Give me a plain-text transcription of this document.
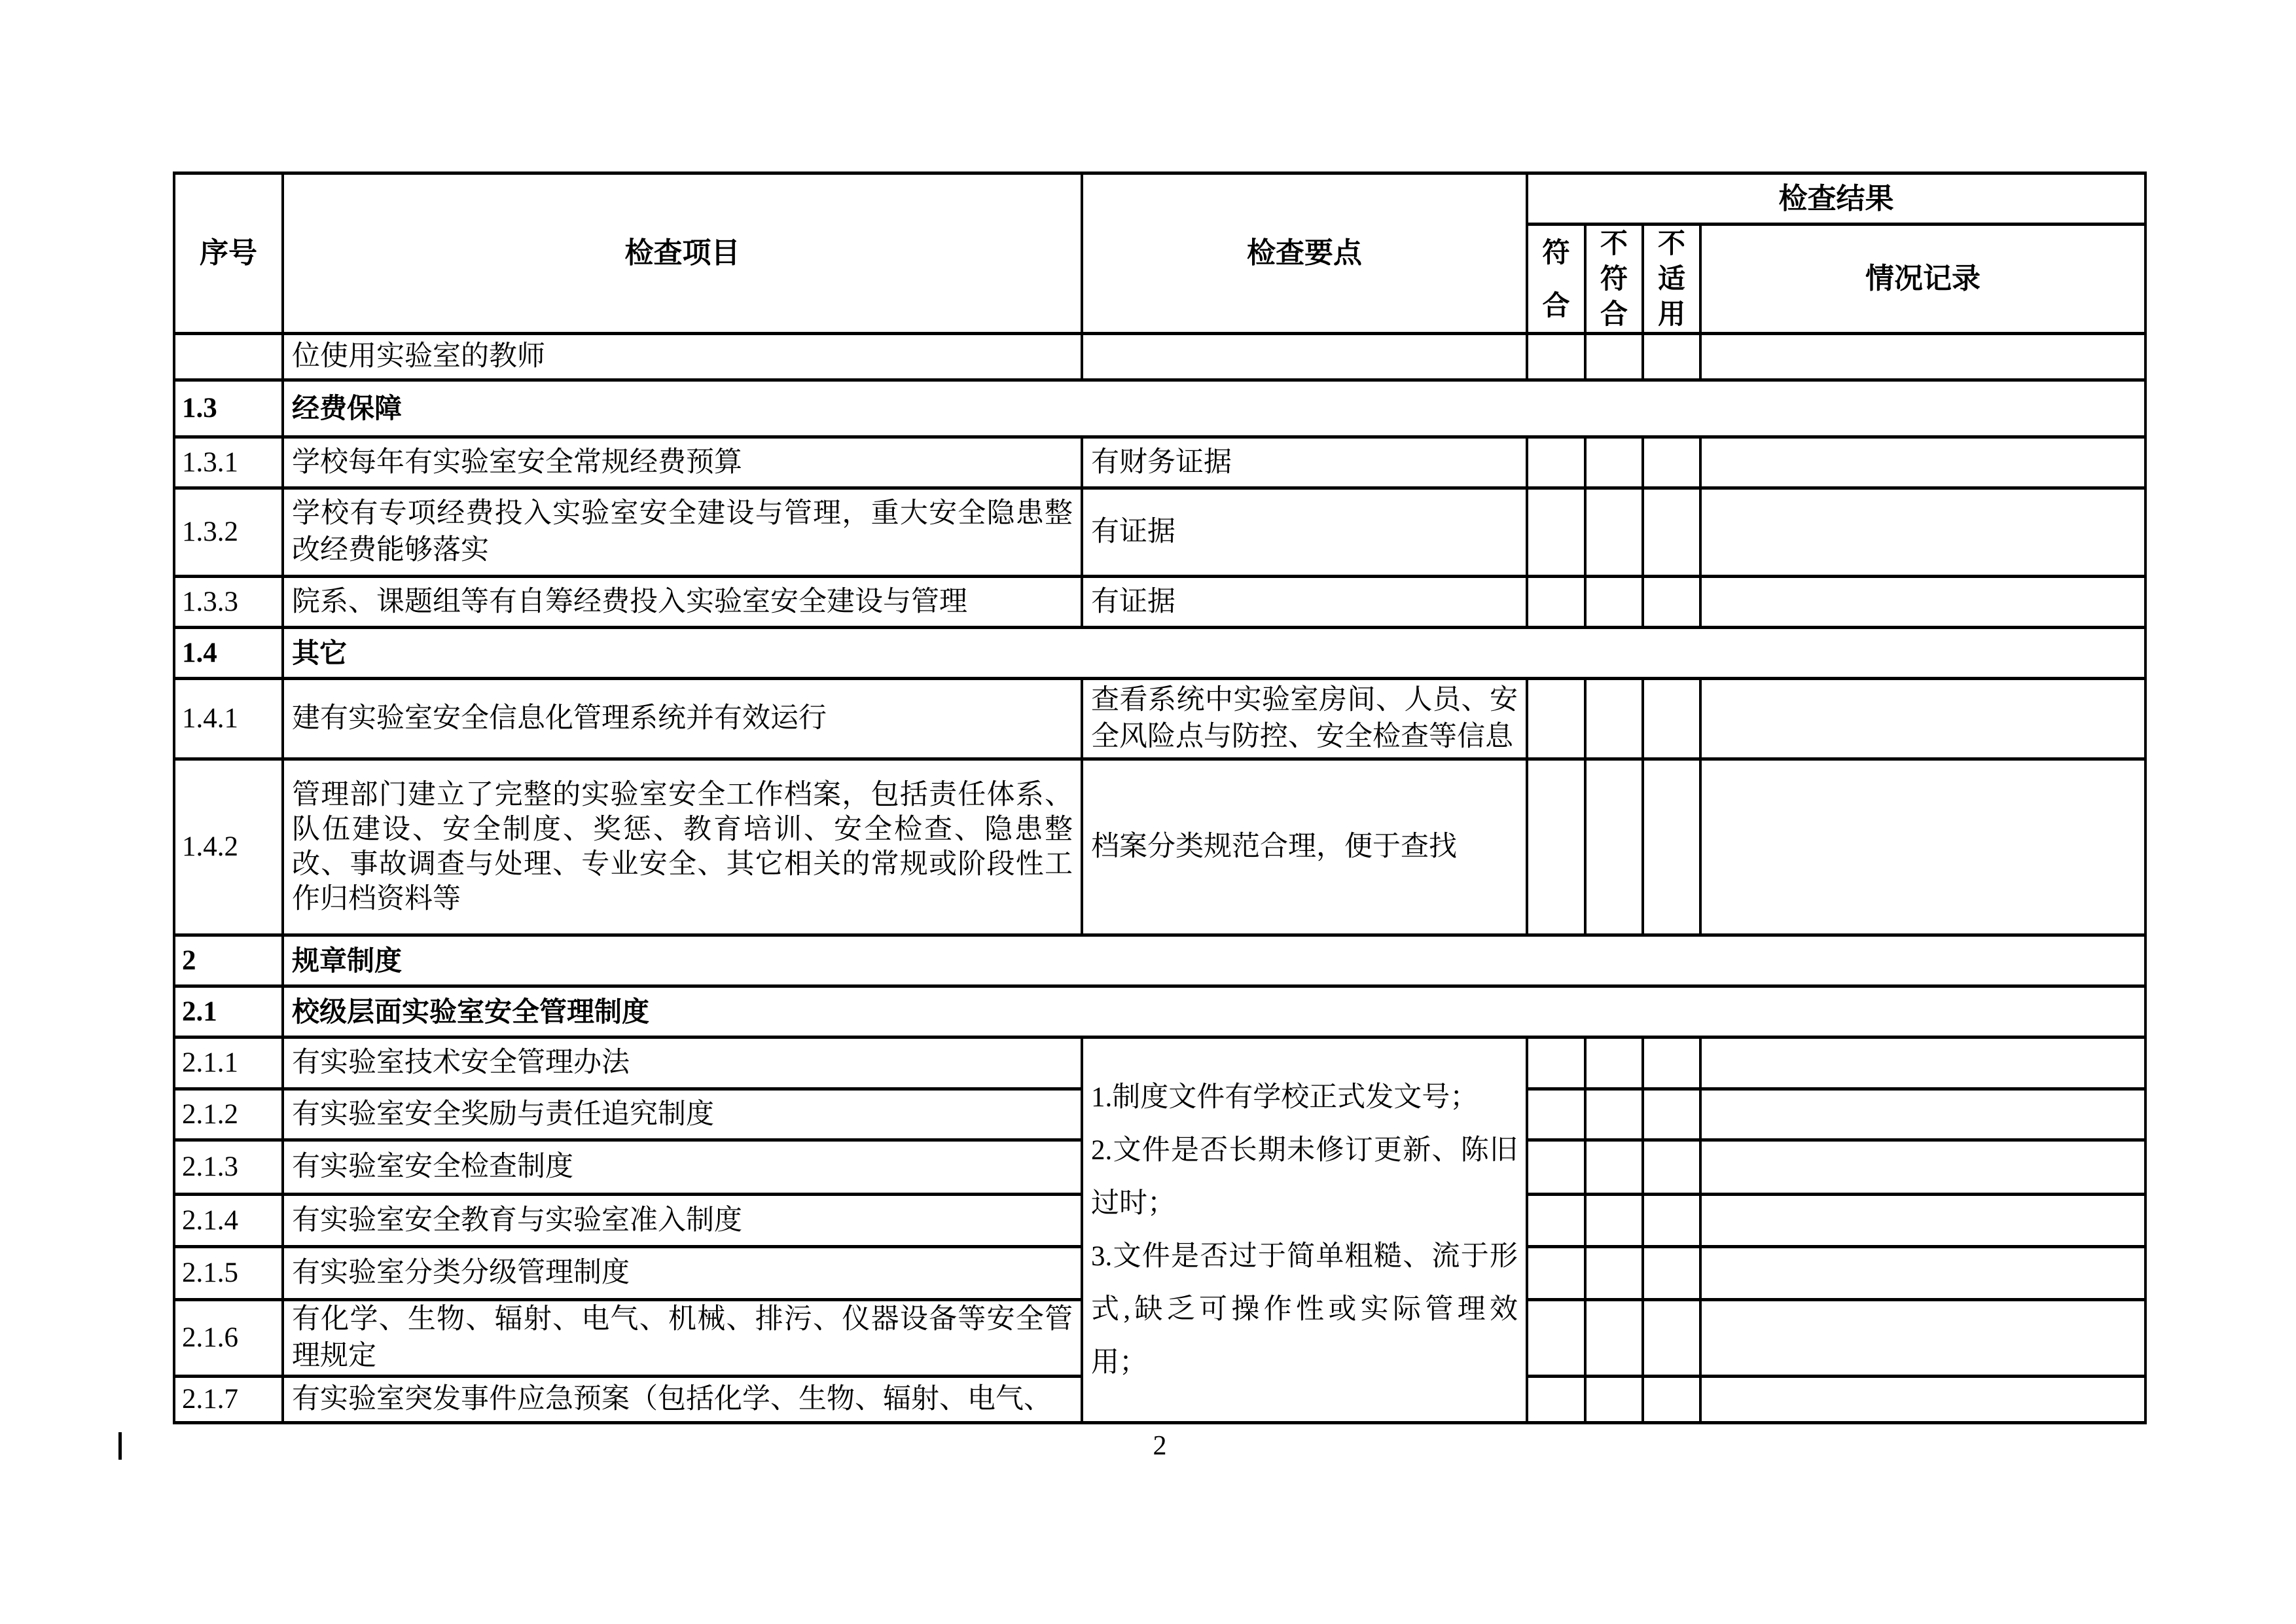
序号	检查项目	检查要点	检查结果			

			符合	不符合	不适用	情况记录
	位使用实验室的教师					
1.3	经费保障					
1.3.1	学校每年有实验室安全常规经费预算	有财务证据				
1.3.2	学校有专项经费投入实验室安全建设与管理，重大安全隐患整改经费能够落实	有证据				
1.3.3	院系、课题组等有自筹经费投入实验室安全建设与管理	有证据				
1.4	其它					
1.4.1	建有实验室安全信息化管理系统并有效运行	查看系统中实验室房间、人员、安全风险点与防控、安全检查等信息				
1.4.2	管理部门建立了完整的实验室安全工作档案，包括责任体系、队伍建设、安全制度、奖惩、教育培训、安全检查、隐患整改、事故调查与处理、专业安全、其它相关的常规或阶段性工作归档资料等	档案分类规范合理，便于查找				
2	规章制度					
2.1	校级层面实验室安全管理制度					
2.1.1	有实验室技术安全管理办法	1.制度文件有学校正式发文号；
2.文件是否长期未修订更新、陈旧过时；
3.文件是否过于简单粗糙、流于形式,缺乏可操作性或实际管理效用；				

2.1.2	有实验室安全奖励与责任追究制度					
2.1.3	有实验室安全检查制度					
2.1.4	有实验室安全教育与实验室准入制度					
2.1.5	有实验室分类分级管理制度					
2.1.6	有化学、生物、辐射、电气、机械、排污、仪器设备等安全管理规定					
2.1.7	有实验室突发事件应急预案（包括化学、生物、辐射、电气、					
2
